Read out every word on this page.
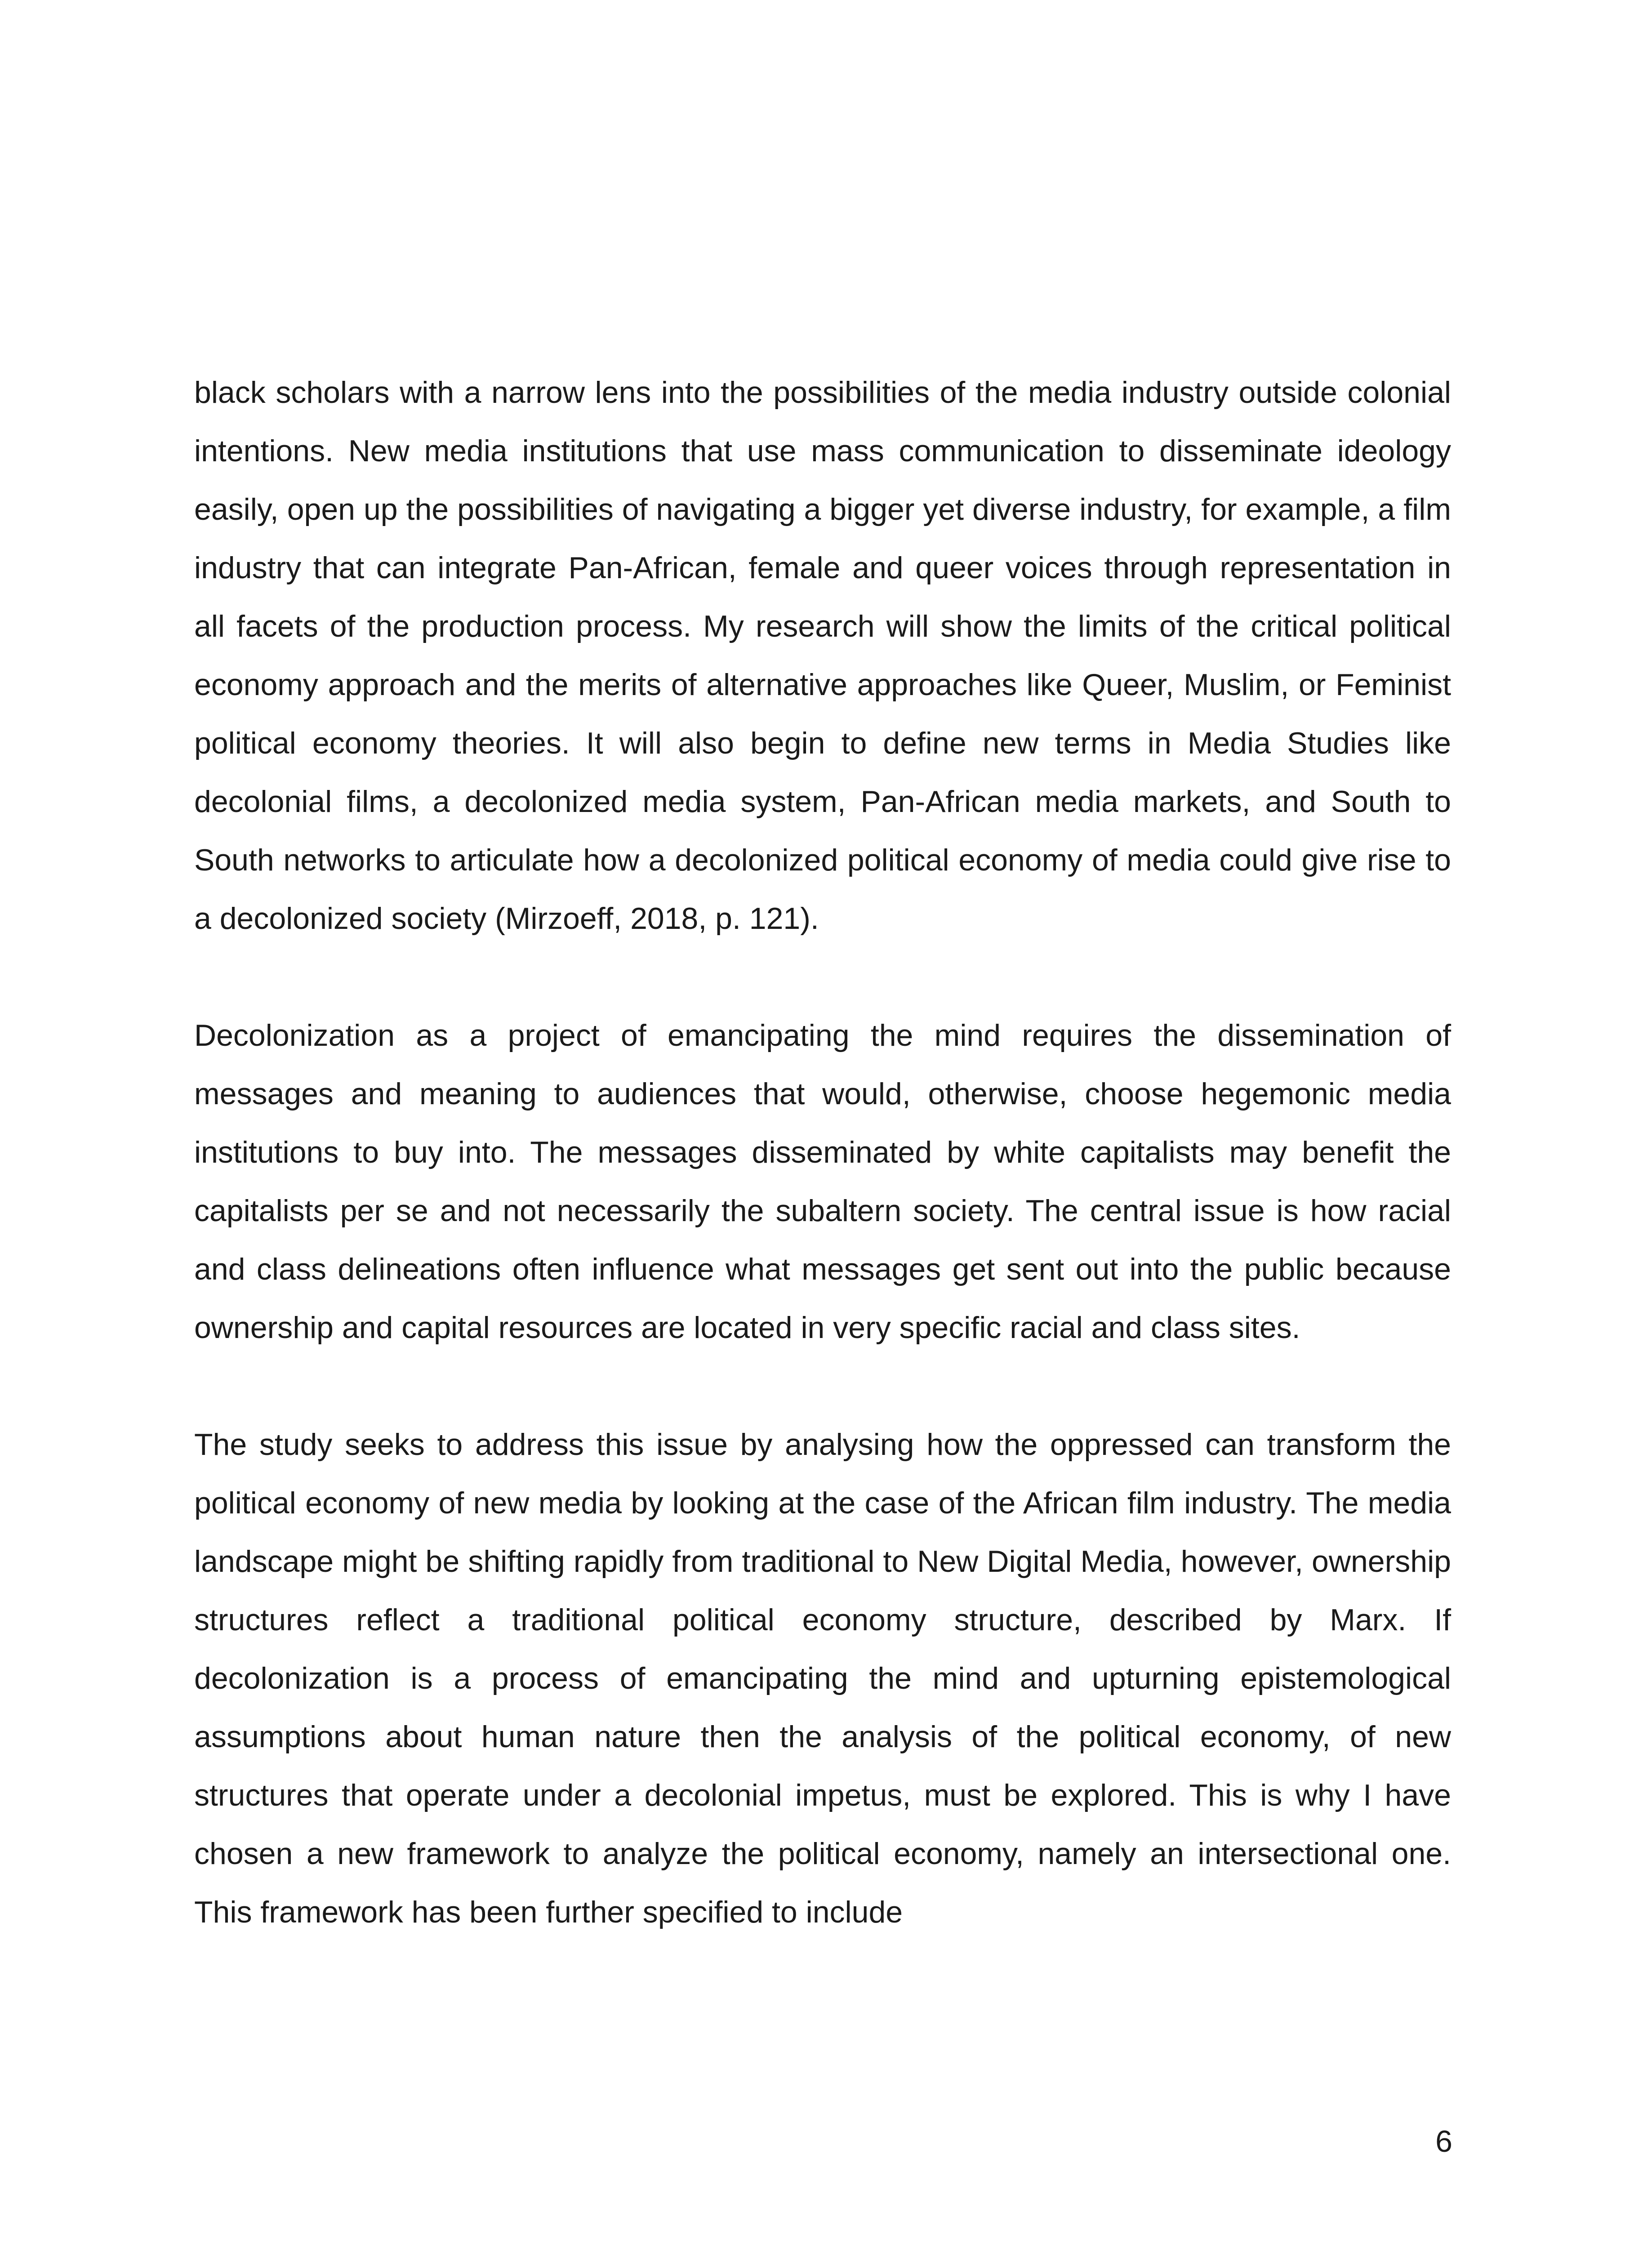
black scholars with a narrow lens into the possibilities of the media industry outside colonial intentions. New media institutions that use mass communication to disseminate ideology easily, open up the possibilities of navigating a bigger yet diverse industry, for example, a film industry that can integrate Pan-African, female and queer voices through representation in all facets of the production process. My research will show the limits of the critical political economy approach and the merits of alternative approaches like Queer, Muslim, or Feminist political economy theories. It will also begin to define new terms in Media Studies like decolonial films, a decolonized media system, Pan-African media markets, and South to South networks to articulate how a decolonized political economy of media could give rise to a decolonized society (Mirzoeff, 2018, p. 121).

Decolonization as a project of emancipating the mind requires the dissemination of messages and meaning to audiences that would, otherwise, choose hegemonic media institutions to buy into. The messages disseminated by white capitalists may benefit the capitalists per se and not necessarily the subaltern society. The central issue is how racial and class delineations often influence what messages get sent out into the public because ownership and capital resources are located in very specific racial and class sites.

The study seeks to address this issue by analysing how the oppressed can transform the political economy of new media by looking at the case of the African film industry. The media landscape might be shifting rapidly from traditional to New Digital Media, however, ownership structures reflect a traditional political economy structure, described by Marx. If decolonization is a process of emancipating the mind and upturning epistemological assumptions about human nature then the analysis of the political economy, of new structures that operate under a decolonial impetus, must be explored. This is why I have chosen a new framework to analyze the political economy, namely an intersectional one. This framework has been further specified to include

6
